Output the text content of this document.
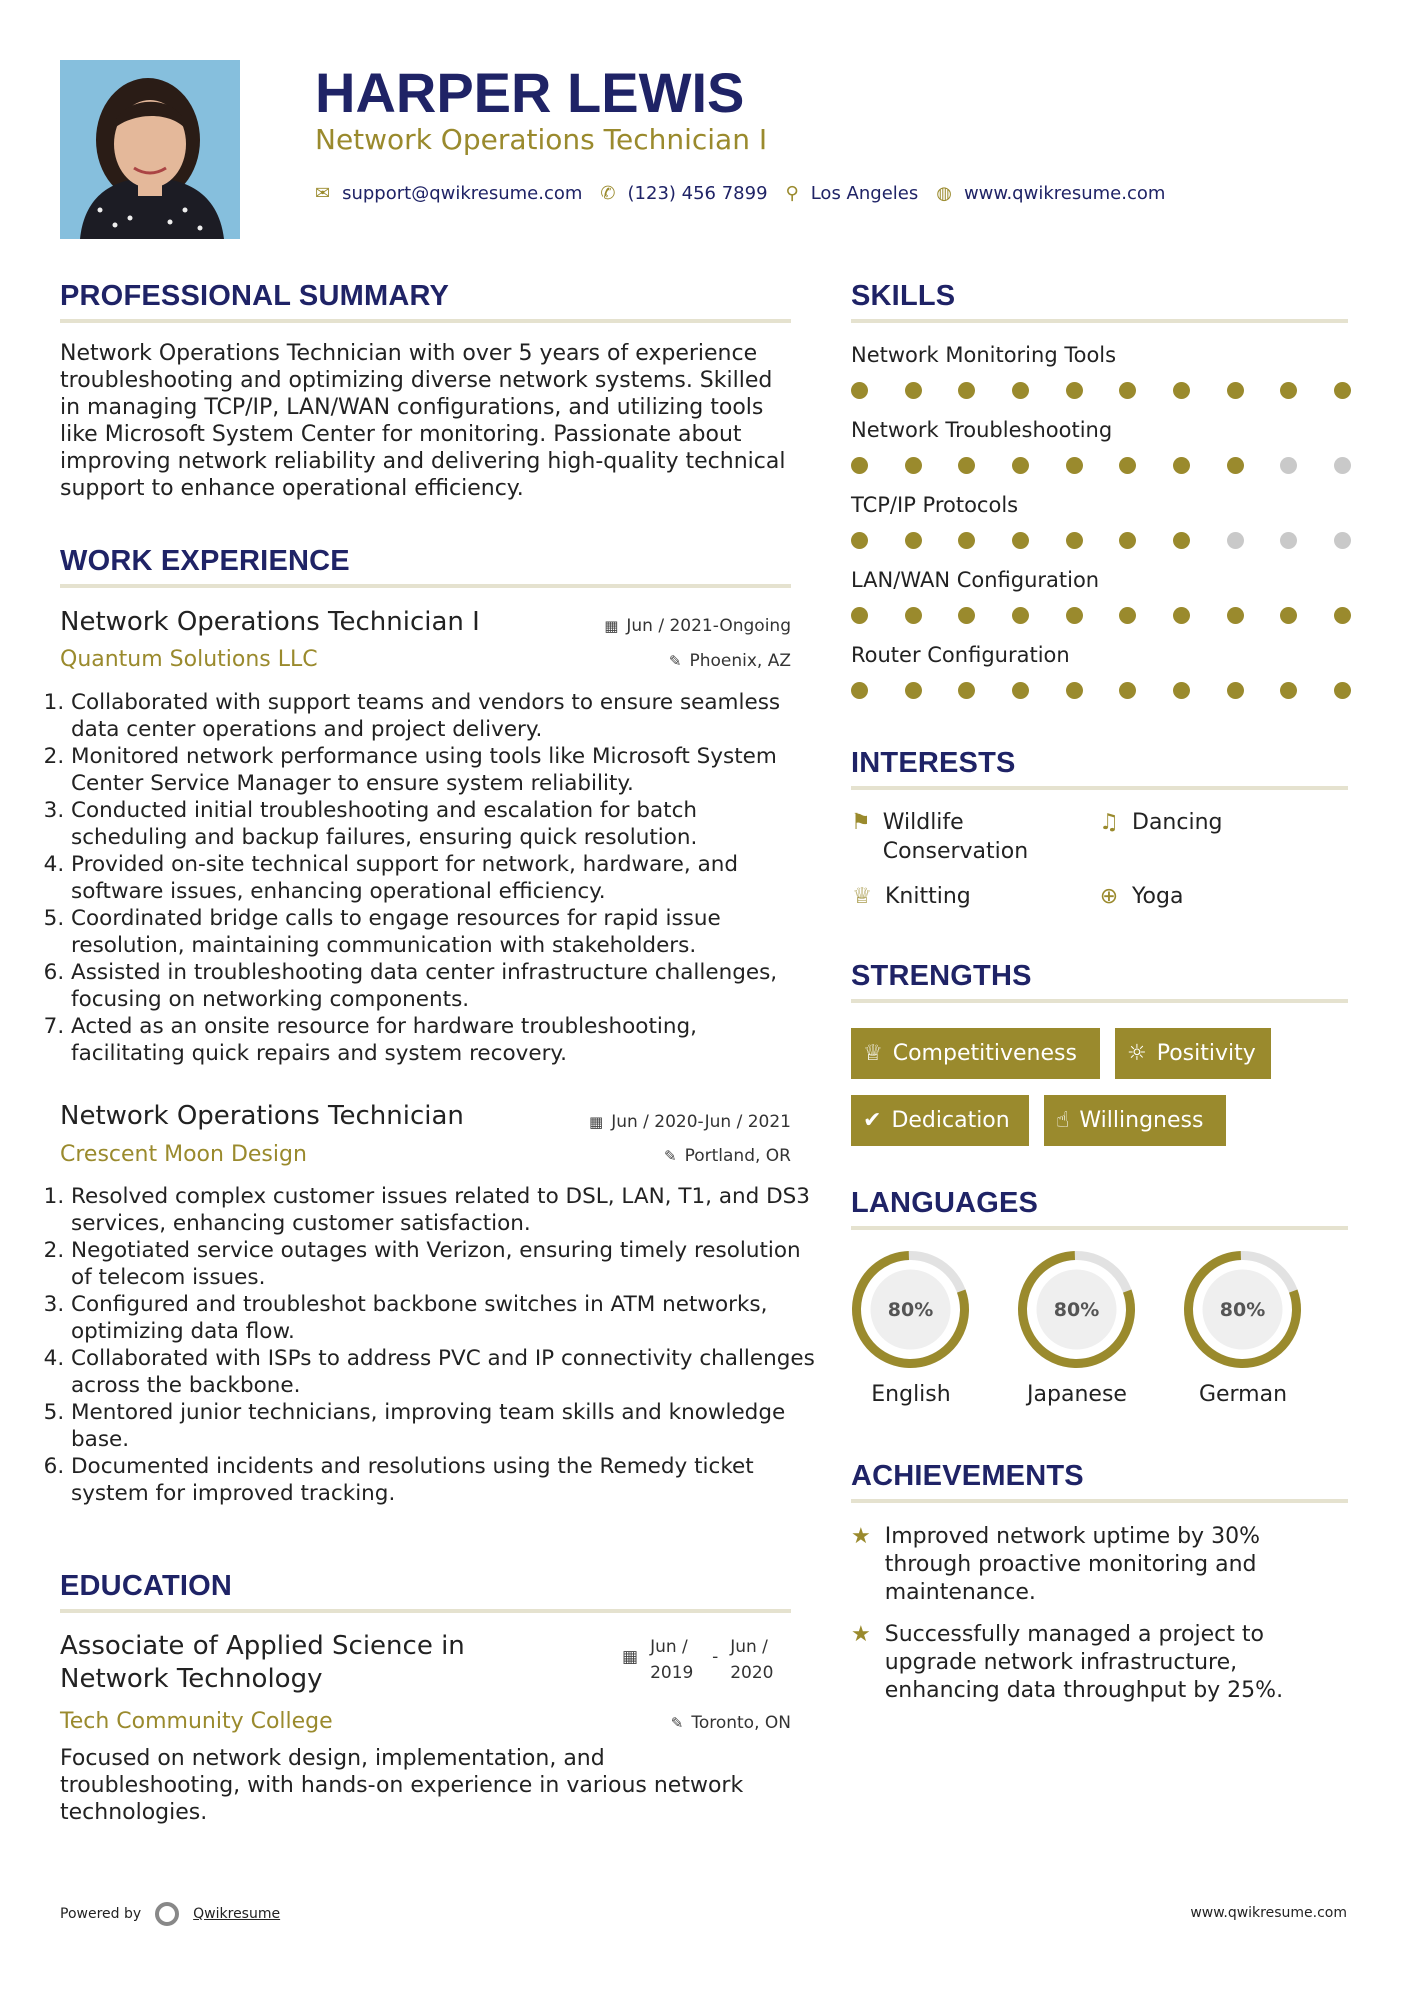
HARPER LEWIS
Network Operations Technician I
✉ support@qwikresume.com ✆ (123) 456 7899 ⚲ Los Angeles ◍ www.qwikresume.com
PROFESSIONAL SUMMARY
Network Operations Technician with over 5 years of experience troubleshooting and optimizing diverse network systems. Skilled in managing TCP/IP, LAN/WAN configurations, and utilizing tools like Microsoft System Center for monitoring. Passionate about improving network reliability and delivering high-quality technical support to enhance operational efficiency.
WORK EXPERIENCE
Network Operations Technician I	▦ Jun / 2021-Ongoing
Quantum Solutions LLC	✎ Phoenix, AZ
1. Collaborated with support teams and vendors to ensure seamless data center operations and project delivery.
2. Monitored network performance using tools like Microsoft System Center Service Manager to ensure system reliability.
3. Conducted initial troubleshooting and escalation for batch scheduling and backup failures, ensuring quick resolution.
4. Provided on-site technical support for network, hardware, and software issues, enhancing operational efficiency.
5. Coordinated bridge calls to engage resources for rapid issue resolution, maintaining communication with stakeholders.
6. Assisted in troubleshooting data center infrastructure challenges, focusing on networking components.
7. Acted as an onsite resource for hardware troubleshooting, facilitating quick repairs and system recovery.
Network Operations Technician	▦ Jun / 2020-Jun / 2021
Crescent Moon Design	✎ Portland, OR
1. Resolved complex customer issues related to DSL, LAN, T1, and DS3 services, enhancing customer satisfaction.
2. Negotiated service outages with Verizon, ensuring timely resolution of telecom issues.
3. Configured and troubleshot backbone switches in ATM networks, optimizing data flow.
4. Collaborated with ISPs to address PVC and IP connectivity challenges across the backbone.
5. Mentored junior technicians, improving team skills and knowledge base.
6. Documented incidents and resolutions using the Remedy ticket system for improved tracking.
EDUCATION
Associate of Applied Science in Network Technology
▦ Jun / 2019
- Jun / 2020
Tech Community College	✎ Toronto, ON
Focused on network design, implementation, and troubleshooting, with hands-on experience in various network technologies.
SKILLS
Network Monitoring Tools
Network Troubleshooting
TCP/IP Protocols
LAN/WAN Configuration
Router Configuration
INTERESTS
⚑ Wildlife Conservation
♫ Dancing
♕ Knitting	⊕ Yoga
STRENGTHS
♕ Competitiveness ☼ Positivity
✔ Dedication ☝ Willingness
LANGUAGES
80%
English
80%
Japanese
80%
German
ACHIEVEMENTS
★ Improved network uptime by 30% through proactive monitoring and maintenance.
★ Successfully managed a project to upgrade network infrastructure, enhancing data throughput by 25%.
Powered by	Qwikresume	www.qwikresume.com
